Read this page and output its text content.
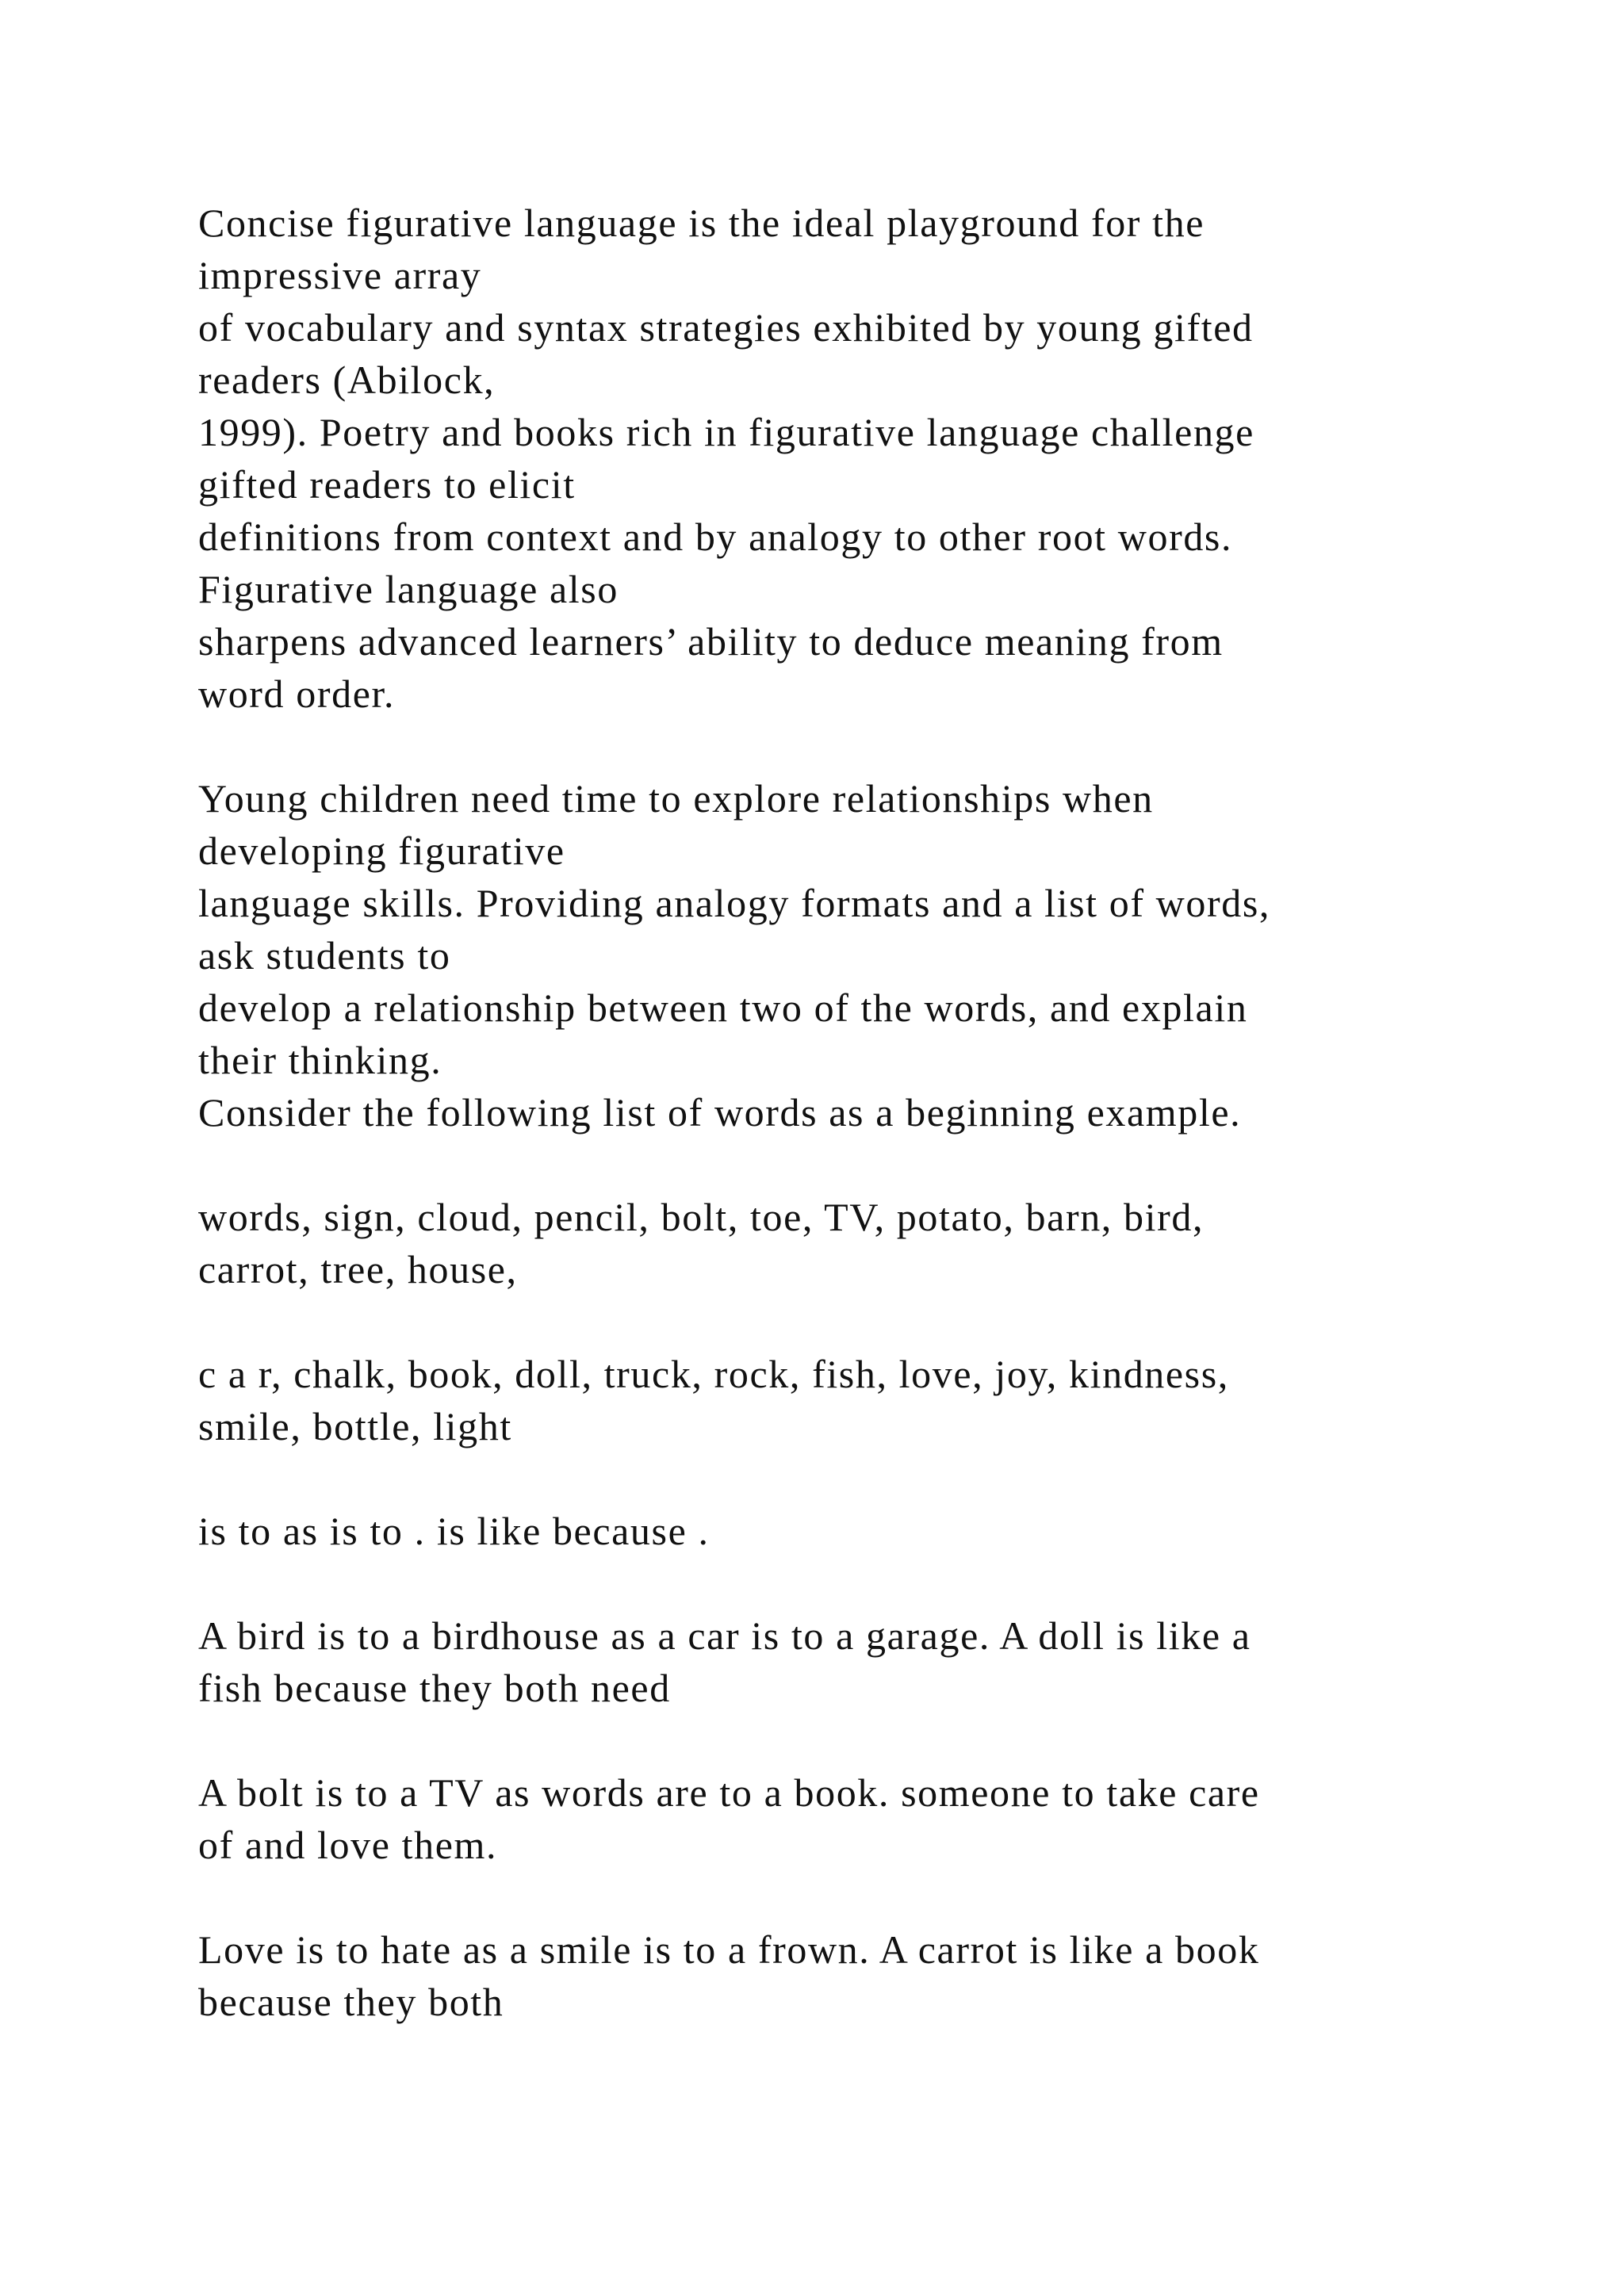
Concise figurative language is the ideal playground for the
impressive array
of vocabulary and syntax strategies exhibited by young gifted
readers (Abilock,
1999). Poetry and books rich in figurative language challenge
gifted readers to elicit
definitions from context and by analogy to other root words.
Figurative language also
sharpens advanced learners’ ability to deduce meaning from
word order.
Young children need time to explore relationships when
developing figurative
language skills. Providing analogy formats and a list of words,
ask students to
develop a relationship between two of the words, and explain
their thinking.
Consider the following list of words as a beginning example.
words, sign, cloud, pencil, bolt, toe, TV, potato, barn, bird,
carrot, tree, house,
c a r, chalk, book, doll, truck, rock, fish, love, joy, kindness,
smile, bottle, light
is to as is to . is like because .
A bird is to a birdhouse as a car is to a garage. A doll is like a
fish because they both need
A bolt is to a TV as words are to a book. someone to take care
of and love them.
Love is to hate as a smile is to a frown. A carrot is like a book
because they both
